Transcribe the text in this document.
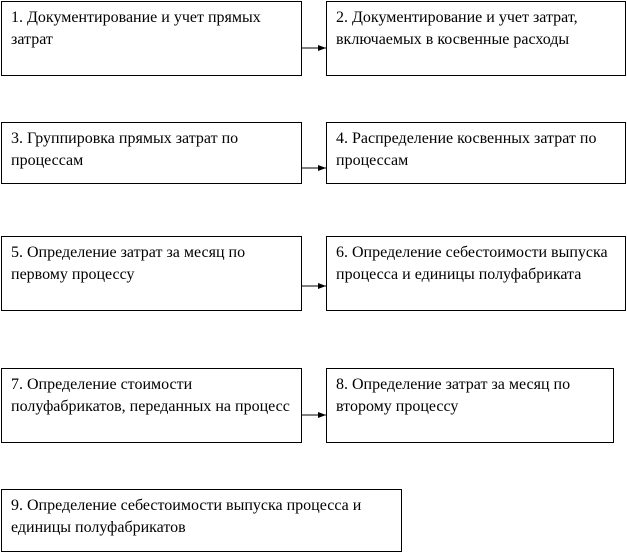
1. Документирование и учет прямых затрат
2. Документирование и учет затрат, включаемых в косвенные расходы
3. Группировка прямых затрат по процессам
4. Распределение косвенных затрат по процессам
5. Определение затрат за месяц по первому процессу
6. Определение себестоимости выпуска процесса и единицы полуфабриката
7. Определение стоимости полуфабрикатов, переданных на процесс
8. Определение затрат за месяц по второму процессу
9. Определение себестоимости выпуска процесса и единицы полуфабрикатов
